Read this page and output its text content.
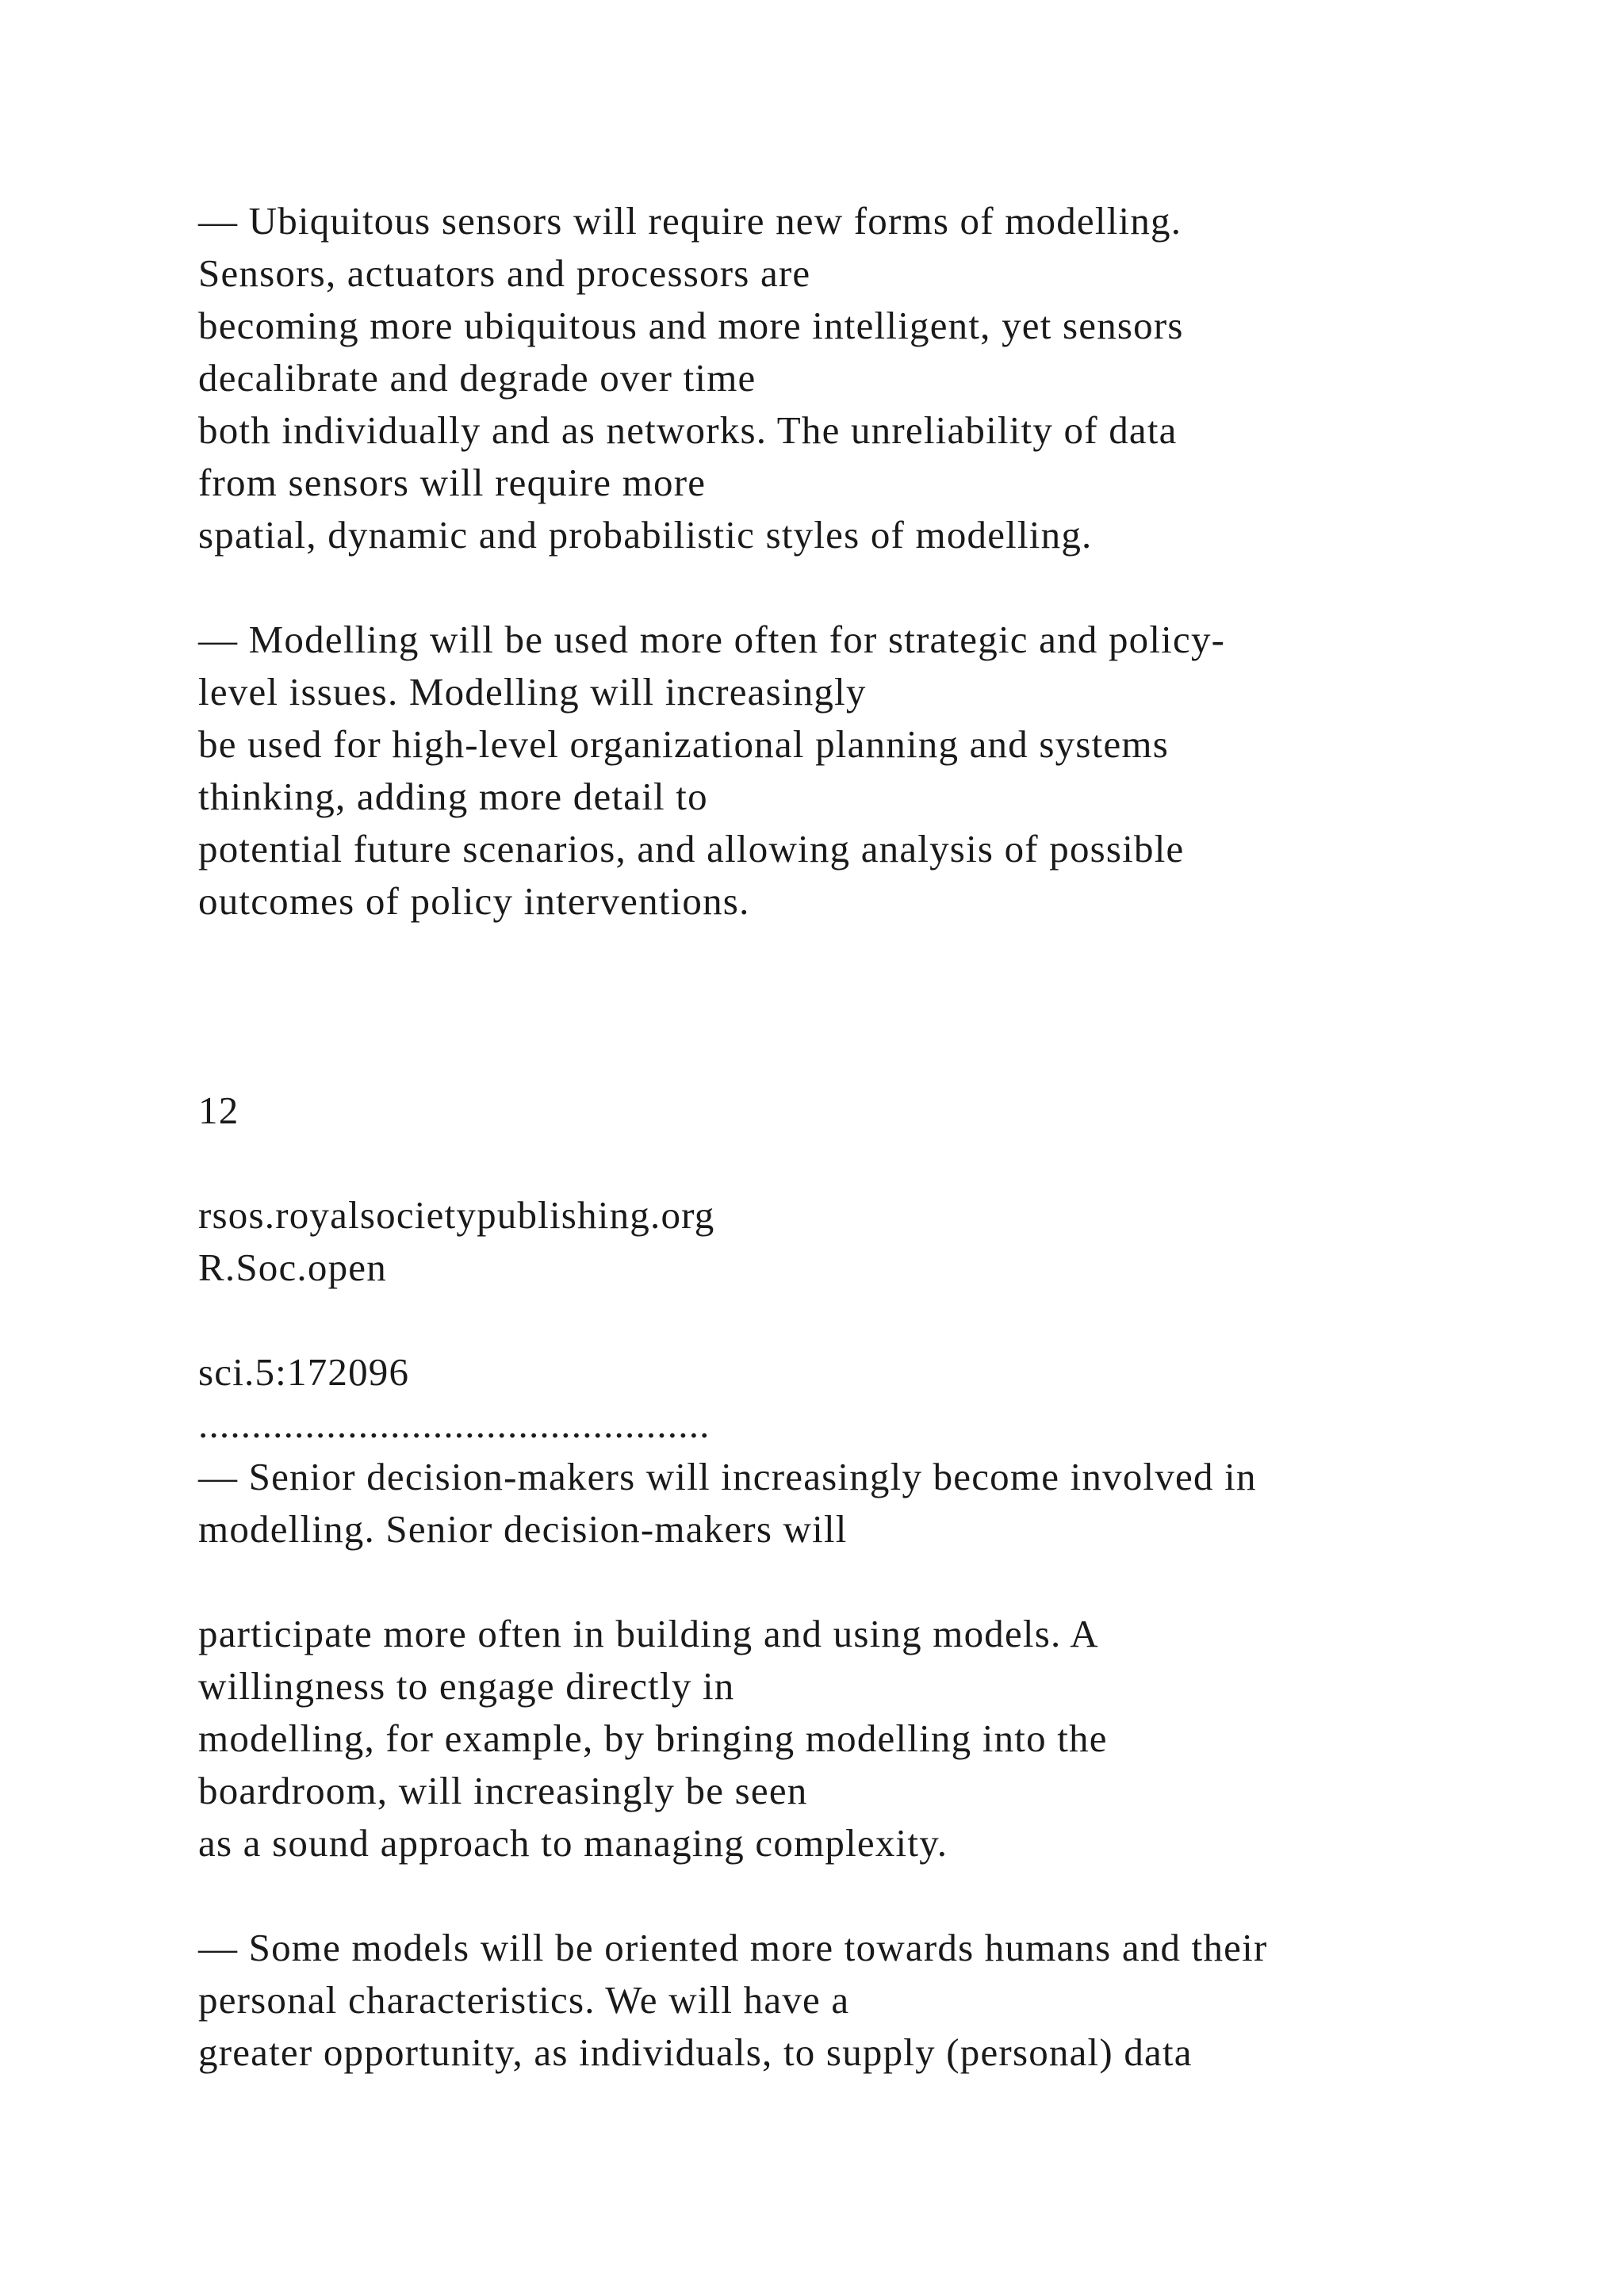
— Ubiquitous sensors will require new forms of modelling.
Sensors, actuators and processors are
becoming more ubiquitous and more intelligent, yet sensors
decalibrate and degrade over time
both individually and as networks. The unreliability of data
from sensors will require more
spatial, dynamic and probabilistic styles of modelling.
— Modelling will be used more often for strategic and policy-
level issues. Modelling will increasingly
be used for high-level organizational planning and systems
thinking, adding more detail to
potential future scenarios, and allowing analysis of possible
outcomes of policy interventions.
12
rsos.royalsocietypublishing.org
R.Soc.open
sci.5:172096
................................................
— Senior decision-makers will increasingly become involved in
modelling. Senior decision-makers will
participate more often in building and using models. A
willingness to engage directly in
modelling, for example, by bringing modelling into the
boardroom, will increasingly be seen
as a sound approach to managing complexity.
— Some models will be oriented more towards humans and their
personal characteristics. We will have a
greater opportunity, as individuals, to supply (personal) data
